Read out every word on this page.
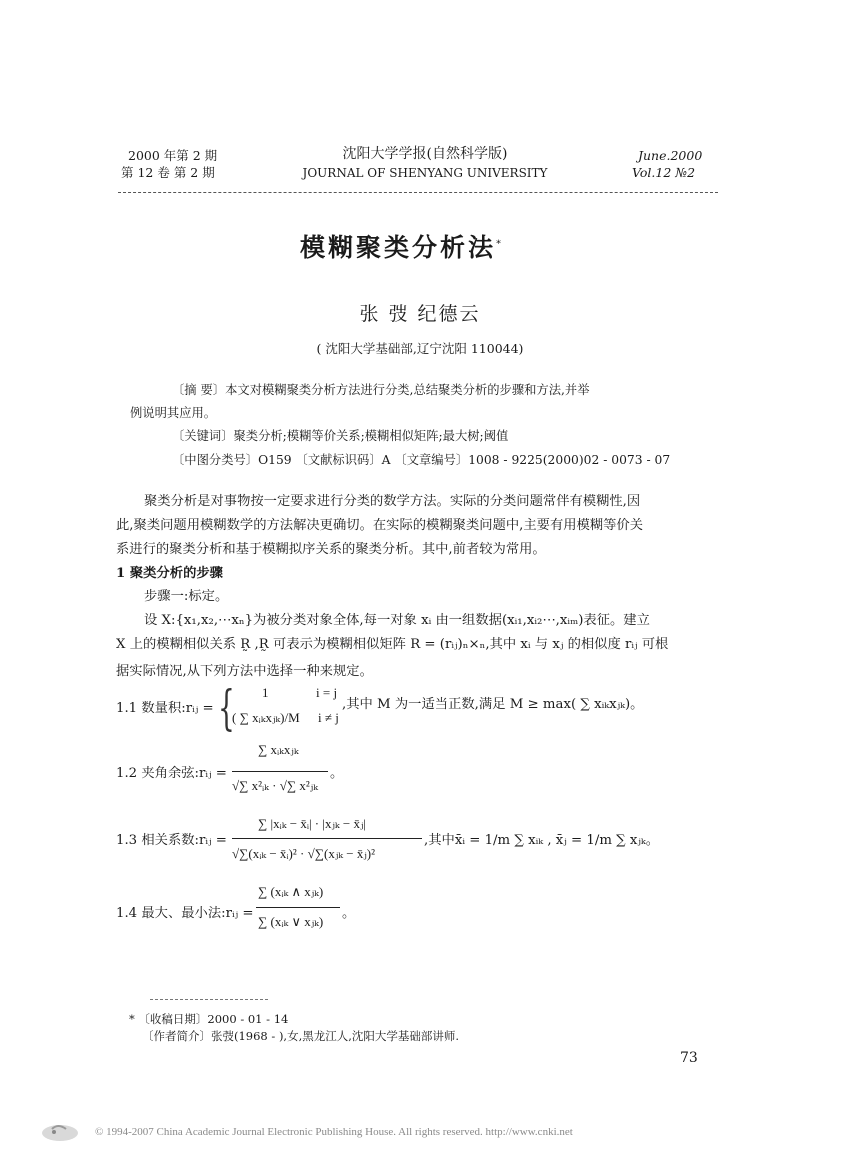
2000 年第 2 期
第 12 卷 第 2 期
沈阳大学学报(自然科学版)
JOURNAL OF SHENYANG UNIVERSITY
June.2000
Vol.12 №2
模糊聚类分析法*
张 弢 纪德云
( 沈阳大学基础部,辽宁沈阳 110044)
〔摘 要〕本文对模糊聚类分析方法进行分类,总结聚类分析的步骤和方法,并举
例说明其应用。
〔关键词〕聚类分析;模糊等价关系;模糊相似矩阵;最大树;阈值
〔中图分类号〕O159 〔文献标识码〕A 〔文章编号〕1008 - 9225(2000)02 - 0073 - 07
聚类分析是对事物按一定要求进行分类的数学方法。实际的分类问题常伴有模糊性,因
此,聚类问题用模糊数学的方法解决更确切。在实际的模糊聚类问题中,主要有用模糊等价关
系进行的聚类分析和基于模糊拟序关系的聚类分析。其中,前者较为常用。
1 聚类分析的步骤
步骤一:标定。
设 X:{x₁,x₂,⋯xₙ}为被分类对象全体,每一对象 xᵢ 由一组数据(xᵢ₁,xᵢ₂⋯,xᵢₘ)表征。建立
X 上的模糊相似关系 R̰ ,R̰ 可表示为模糊相似矩阵 R = (rᵢⱼ)ₙ×ₙ,其中 xᵢ 与 xⱼ 的相似度 rᵢⱼ 可根
据实际情况,从下列方法中选择一种来规定。
1.1 数量积:rᵢⱼ = { 1	i = j
( ∑ xᵢₖxⱼₖ)/M i ≠ j
,其中 M 为一适当正数,满足 M ≥ max( ∑ xᵢₖxⱼₖ)。
1.2 夹角余弦:rᵢⱼ =
∑ xᵢₖxⱼₖ
√∑ x²ᵢₖ · √∑ x²ⱼₖ
。
1.3 相关系数:rᵢⱼ =
∑ |xᵢₖ − x̄ᵢ| · |xⱼₖ − x̄ⱼ|
√∑(xᵢₖ − x̄ᵢ)² · √∑(xⱼₖ − x̄ⱼ)²
,其中x̄ᵢ = 1/m ∑ xᵢₖ , x̄ⱼ = 1/m ∑ xⱼₖ。
1.4 最大、最小法:rᵢⱼ =
∑ (xᵢₖ ∧ xⱼₖ)
∑ (xᵢₖ ∨ xⱼₖ)
。
* 〔收稿日期〕2000 - 01 - 14
〔作者简介〕张弢(1968 - ),女,黑龙江人,沈阳大学基础部讲师.
73
© 1994-2007 China Academic Journal Electronic Publishing House. All rights reserved. http://www.cnki.net
